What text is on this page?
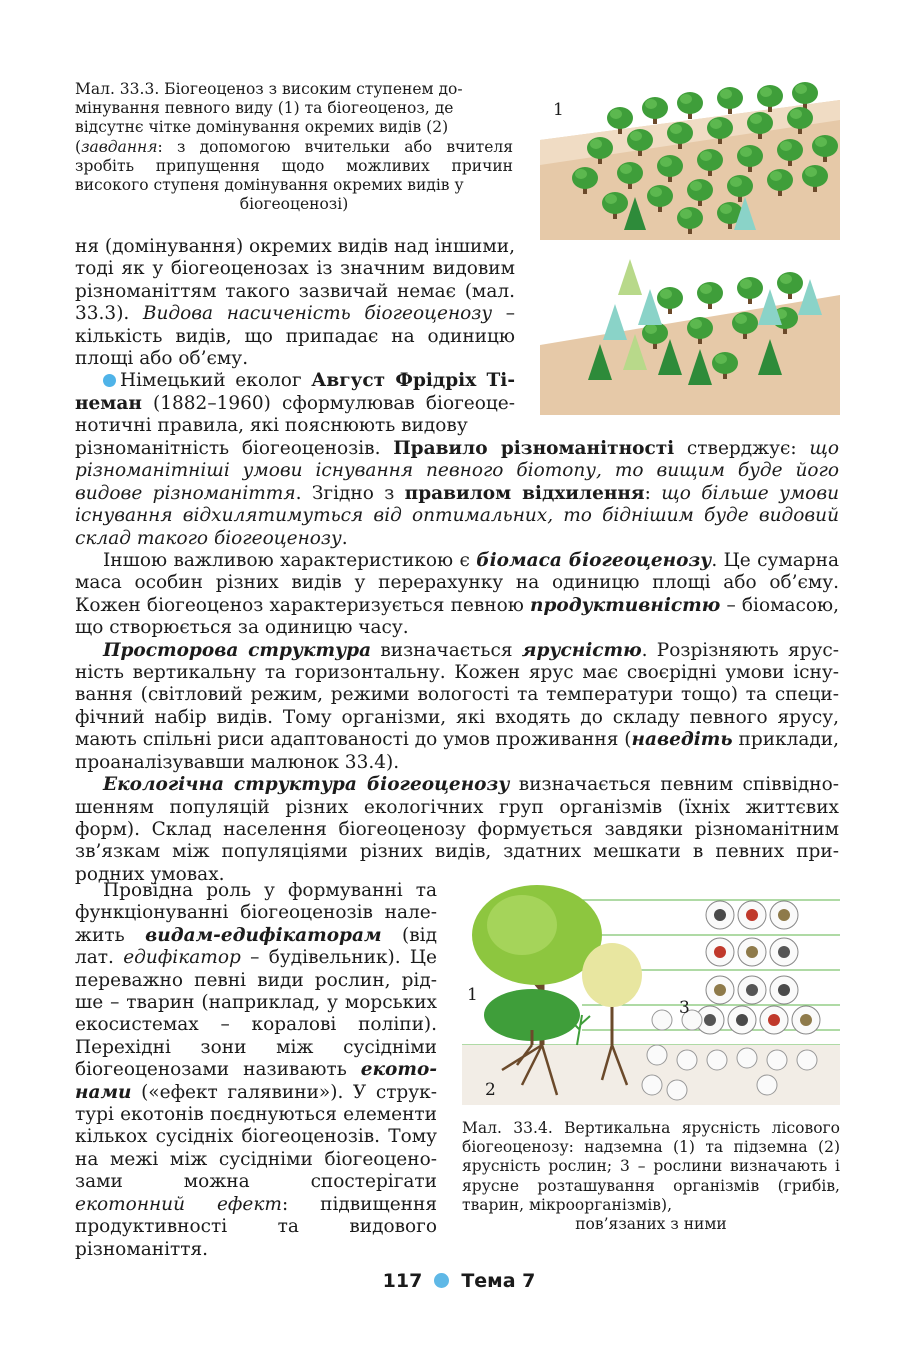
Мал. 33.3. Біогеоценоз з високим ступенем до-
мінування певного виду (1) та біогеоценоз, де
відсутнє чітке домінування окремих видів (2)
(завдання: з допомогою вчительки або вчителя зробіть припущення щодо можливих причин високого ступеня домінування окремих видів у
біогеоценозі)
1

ня (домінування) окремих видів над іншими, тоді як у біогеоценозах із значним видовим різноманіттям такого зазвичай немає (мал. 33.3). Видова насиченість біогеоценозу – кількість видів, що припадає на одиницю площі або об’єму.

Німецький еколог Август Фрідріх Тінеман (1882–1960) сформулював біогеоценотичні правила, які пояснюють видову

різноманітність біогеоценозів. Правило різноманітності стверджує: що різноманітніші умови існування певного біотопу, то вищим буде його видове різноманіття. Згідно з правилом відхилення: що більше умови існування відхилятимуться від оптимальних, то біднішим буде видовий склад такого біогеоценозу.

Іншою важливою характеристикою є біомаса біогеоценозу. Це сумарна маса особин різних видів у перерахунку на одиницю площі або об’єму. Кожен біогеоценоз характеризується певною продуктивністю – біомасою, що створюється за одиницю часу.

Просторова структура визначається ярусністю. Розрізняють ярусність вертикальну та горизонтальну. Кожен ярус має своєрідні умови існування (світловий режим, режими вологості та температури тощо) та специфічний набір видів. Тому організми, які входять до складу певного ярусу, мають спільні риси адаптованості до умов проживання (наведіть приклади, проаналізувавши малюнок 33.4).

Екологічна структура біогеоценозу визначається певним співвідношенням популяцій різних екологічних груп організмів (їхніх життєвих форм). Склад населення біогеоценозу формується завдяки різноманітним зв’язкам між популяціями різних видів, здатних мешкати в певних природних умовах.

Провідна роль у формуванні та функціонуванні біогеоценозів належить видам-едифікаторам (від лат. едифікатор – будівельник). Це переважно певні види рослин, рідше – тварин (наприклад, у морських екосистемах – коралові поліпи). Перехідні зони між сусідніми біогеоценозами називають екотонами («ефект галявини»). У структурі екотонів поєднуються елементи кількох сусідніх біогеоценозів. Тому на межі між сусідніми біогеоценозами можна спостерігати екотонний ефект: підвищення продуктивності та видового різноманіття.

1
2
3
Мал. 33.4. Вертикальна ярусність лісового біогеоценозу: надземна (1) та підземна (2) ярусність рослин; 3 – рослини визначають і ярусне розташування організмів (грибів, тварин, мікроорганізмів),
пов’язаних з ними
117 Тема 7
